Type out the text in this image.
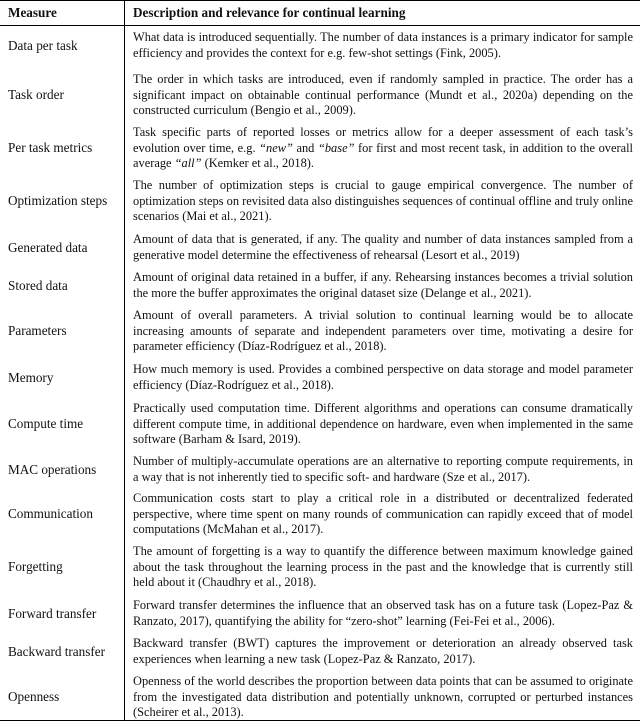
Measure	Description and relevance for continual learning
Data per task
What data is introduced sequentially. The number of data instances is a primary indicator for sample efficiency and provides the context for e.g. few-shot settings (Fink, 2005).
Task order
The order in which tasks are introduced, even if randomly sampled in practice. The order has a significant impact on obtainable continual performance (Mundt et al., 2020a) depending on the constructed curriculum (Bengio et al., 2009).
Per task metrics
Task specific parts of reported losses or metrics allow for a deeper assessment of each task’s evolution over time, e.g. “new” and “base” for first and most recent task, in addition to the overall average “all” (Kemker et al., 2018).
Optimization steps
The number of optimization steps is crucial to gauge empirical convergence. The number of optimization steps on revisited data also distinguishes sequences of continual offline and truly online scenarios (Mai et al., 2021).
Generated data
Amount of data that is generated, if any. The quality and number of data instances sampled from a generative model determine the effectiveness of rehearsal (Lesort et al., 2019)
Stored data
Amount of original data retained in a buffer, if any. Rehearsing instances becomes a trivial solution the more the buffer approximates the original dataset size (Delange et al., 2021).
Parameters
Amount of overall parameters. A trivial solution to continual learning would be to allocate increasing amounts of separate and independent parameters over time, motivating a desire for parameter efficiency (Díaz-Rodríguez et al., 2018).
Memory
How much memory is used. Provides a combined perspective on data storage and model parameter efficiency (Díaz-Rodríguez et al., 2018).
Compute time
Practically used computation time. Different algorithms and operations can consume dramatically different compute time, in additional dependence on hardware, even when implemented in the same software (Barham & Isard, 2019).
MAC operations
Number of multiply-accumulate operations are an alternative to reporting compute requirements, in a way that is not inherently tied to specific soft- and hardware (Sze et al., 2017).
Communication
Communication costs start to play a critical role in a distributed or decentralized federated perspective, where time spent on many rounds of communication can rapidly exceed that of model computations (McMahan et al., 2017).
Forgetting
The amount of forgetting is a way to quantify the difference between maximum knowledge gained about the task throughout the learning process in the past and the knowledge that is currently still held about it (Chaudhry et al., 2018).
Forward transfer
Forward transfer determines the influence that an observed task has on a future task (Lopez-Paz & Ranzato, 2017), quantifying the ability for “zero-shot” learning (Fei-Fei et al., 2006).
Backward transfer
Backward transfer (BWT) captures the improvement or deterioration an already observed task experiences when learning a new task (Lopez-Paz & Ranzato, 2017).
Openness
Openness of the world describes the proportion between data points that can be assumed to originate from the investigated data distribution and potentially unknown, corrupted or perturbed instances (Scheirer et al., 2013).
